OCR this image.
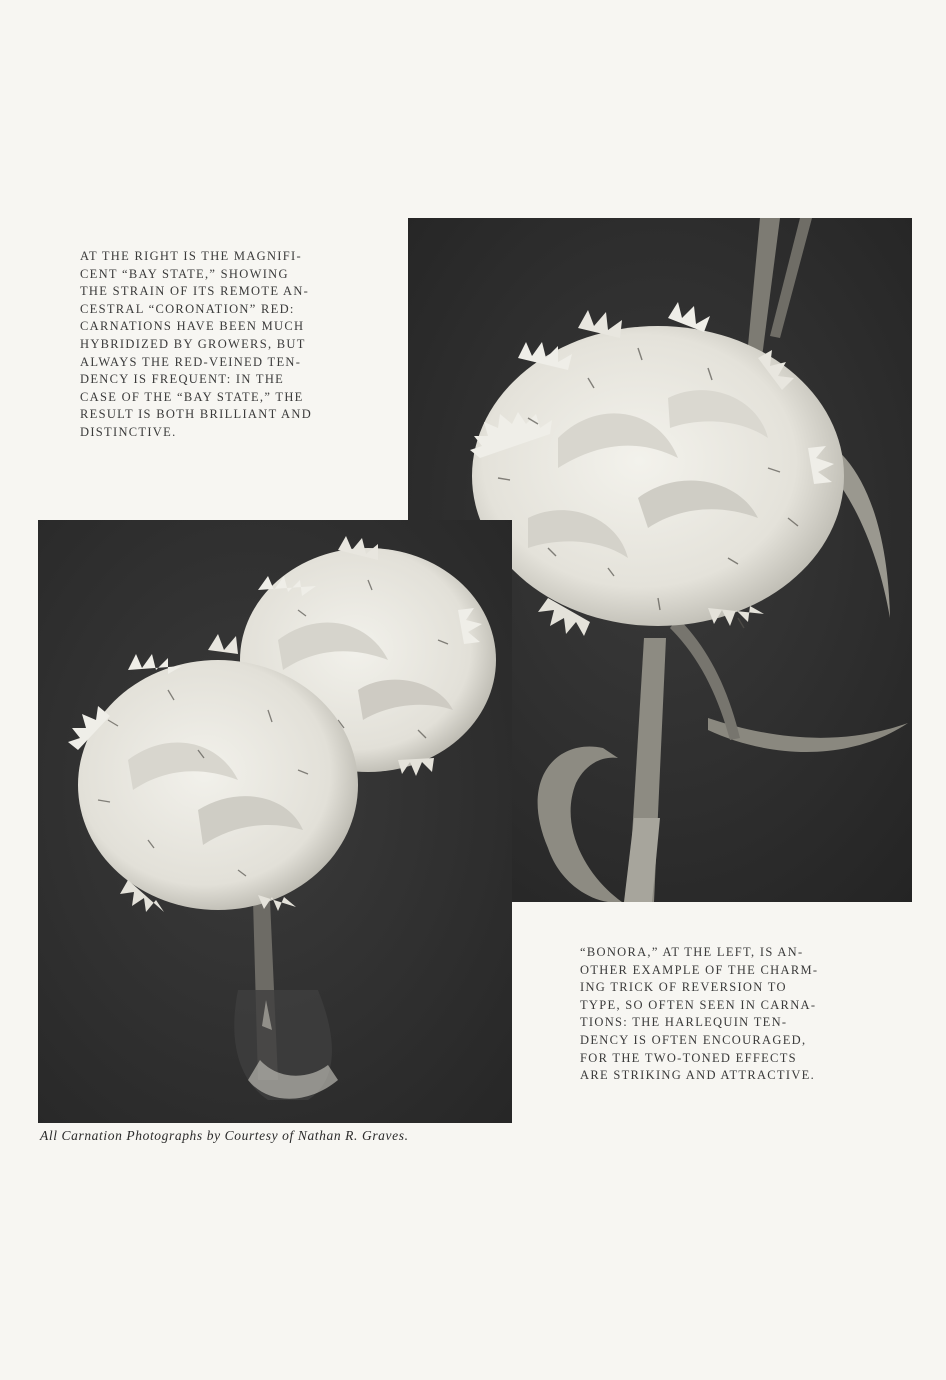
AT THE RIGHT IS THE MAGNIFI-
CENT “BAY STATE,” SHOWING
THE STRAIN OF ITS REMOTE AN-
CESTRAL “CORONATION” RED:
CARNATIONS HAVE BEEN MUCH
HYBRIDIZED BY GROWERS, BUT
ALWAYS THE RED-VEINED TEN-
DENCY IS FREQUENT: IN THE
CASE OF THE “BAY STATE,” THE
RESULT IS BOTH BRILLIANT AND
DISTINCTIVE.
“BONORA,” AT THE LEFT, IS AN-
OTHER EXAMPLE OF THE CHARM-
ING TRICK OF REVERSION TO
TYPE, SO OFTEN SEEN IN CARNA-
TIONS: THE HARLEQUIN TEN-
DENCY IS OFTEN ENCOURAGED,
FOR THE TWO-TONED EFFECTS
ARE STRIKING AND ATTRACTIVE.
All Carnation Photographs by Courtesy of Nathan R. Graves.
